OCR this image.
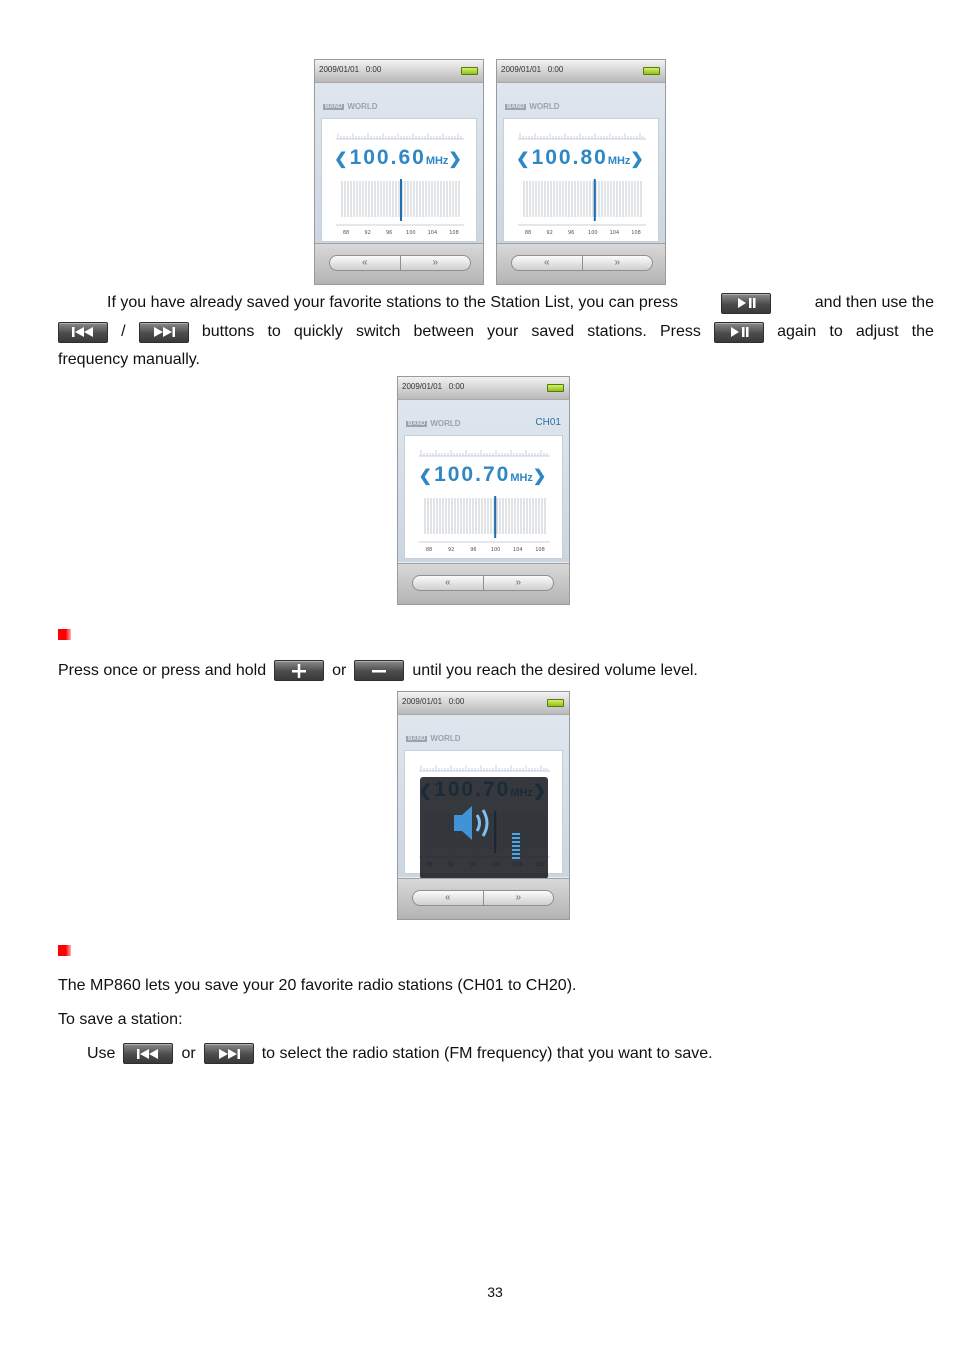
2009/01/01 0:00
BAND WORLD
❮100.60MHz❯
88	92	96	100 104 108
«	»
2009/01/01 0:00
BAND WORLD
❮100.80MHz❯
88	92	96	100 104 108
«	»
If you have already saved your favorite stations to the Station List, you can press	and then use the
/	buttons to quickly switch between your saved stations. Press	again to adjust the
frequency manually.
2009/01/01 0:00
BAND WORLD	CH01
❮100.70MHz❯
88	92	96	100	104	108
«	»
Press once or press and hold	or	until you reach the desired volume level.
2009/01/01 0:00
BAND WORLD
«	»
The MP860 lets you save your 20 favorite radio stations (CH01 to CH20).
To save a station:
Use	or	to select the radio station (FM frequency) that you want to save.
33
